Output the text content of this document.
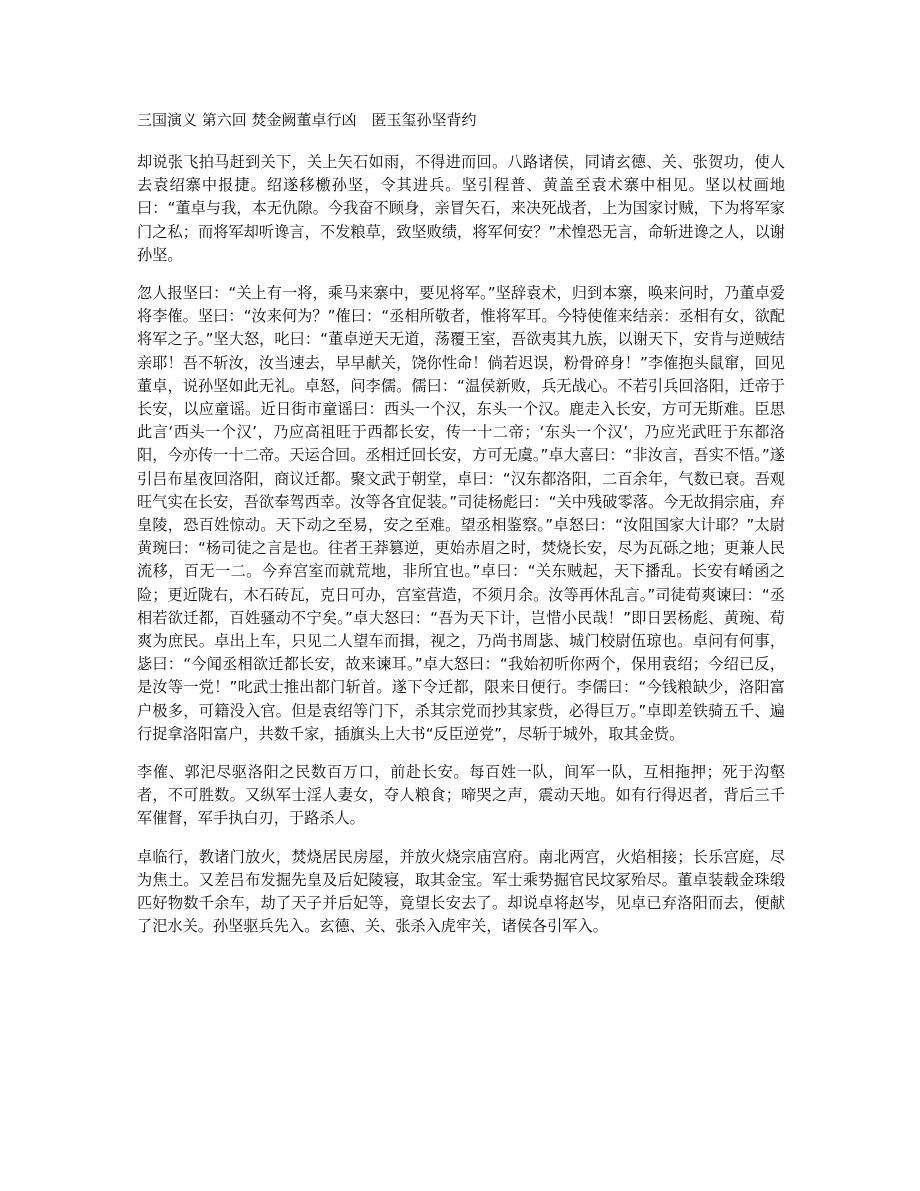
三国演义 第六回 焚金阙董卓行凶　匿玉玺孙坚背约

却说张飞拍马赶到关下，关上矢石如雨，不得进而回。八路诸侯，同请玄德、关、张贺功，使人去袁绍寨中报捷。绍遂移檄孙坚，令其进兵。坚引程普、黄盖至袁术寨中相见。坚以杖画地曰：“董卓与我，本无仇隙。今我奋不顾身，亲冒矢石，来决死战者，上为国家讨贼，下为将军家门之私；而将军却听谗言，不发粮草，致坚败绩，将军何安？”术惶恐无言，命斩进谗之人，以谢孙坚。

忽人报坚曰：“关上有一将，乘马来寨中，要见将军。”坚辞袁术，归到本寨，唤来问时，乃董卓爱将李傕。坚曰：“汝来何为？”傕曰：“丞相所敬者，惟将军耳。今特使傕来结亲：丞相有女，欲配将军之子。”坚大怒，叱曰：“董卓逆天无道，荡覆王室，吾欲夷其九族，以谢天下，安肯与逆贼结亲耶！吾不斩汝，汝当速去，早早献关，饶你性命！倘若迟误，粉骨碎身！”李傕抱头鼠窜，回见董卓，说孙坚如此无礼。卓怒，问李儒。儒曰：“温侯新败，兵无战心。不若引兵回洛阳，迁帝于长安，以应童谣。近日街市童谣曰：西头一个汉，东头一个汉。鹿走入长安，方可无斯难。臣思此言‘西头一个汉’，乃应高祖旺于西都长安，传一十二帝；‘东头一个汉’，乃应光武旺于东都洛阳，今亦传一十二帝。天运合回。丞相迁回长安，方可无虞。”卓大喜曰：“非汝言，吾实不悟。”遂引吕布星夜回洛阳，商议迁都。聚文武于朝堂，卓曰：“汉东都洛阳，二百余年，气数已衰。吾观旺气实在长安，吾欲奉驾西幸。汝等各宜促装。”司徒杨彪曰：“关中残破零落。今无故捐宗庙，弃皇陵，恐百姓惊动。天下动之至易，安之至难。望丞相鉴察。”卓怒曰：“汝阻国家大计耶？”太尉黄琬曰：“杨司徒之言是也。往者王莽篡逆，更始赤眉之时，焚烧长安，尽为瓦砾之地；更兼人民流移，百无一二。今弃宫室而就荒地，非所宜也。”卓曰：“关东贼起，天下播乱。长安有崤函之险；更近陇右，木石砖瓦，克日可办，宫室营造，不须月余。汝等再休乱言。”司徒荀爽谏曰：“丞相若欲迁都，百姓骚动不宁矣。”卓大怒曰：“吾为天下计，岂惜小民哉！”即日罢杨彪、黄琬、荀爽为庶民。卓出上车，只见二人望车而揖，视之，乃尚书周毖、城门校尉伍琼也。卓问有何事，毖曰：“今闻丞相欲迁都长安，故来谏耳。”卓大怒曰：“我始初听你两个，保用袁绍；今绍已反，是汝等一党！”叱武士推出都门斩首。遂下令迁都，限来日便行。李儒曰：“今钱粮缺少，洛阳富户极多，可籍没入官。但是袁绍等门下，杀其宗党而抄其家赀，必得巨万。”卓即差铁骑五千、遍行捉拿洛阳富户，共数千家，插旗头上大书“反臣逆党”，尽斩于城外，取其金赀。

李傕、郭汜尽驱洛阳之民数百万口，前赴长安。每百姓一队，间军一队，互相拖押；死于沟壑者，不可胜数。又纵军士淫人妻女，夺人粮食；啼哭之声，震动天地。如有行得迟者，背后三千军催督，军手执白刃，于路杀人。

卓临行，教诸门放火，焚烧居民房屋，并放火烧宗庙宫府。南北两宫，火焰相接；长乐宫庭，尽为焦土。又差吕布发掘先皇及后妃陵寝，取其金宝。军士乘势掘官民坟冢殆尽。董卓装载金珠缎匹好物数千余车，劫了天子并后妃等，竟望长安去了。却说卓将赵岑，见卓已弃洛阳而去，便献了汜水关。孙坚驱兵先入。玄德、关、张杀入虎牢关，诸侯各引军入。
